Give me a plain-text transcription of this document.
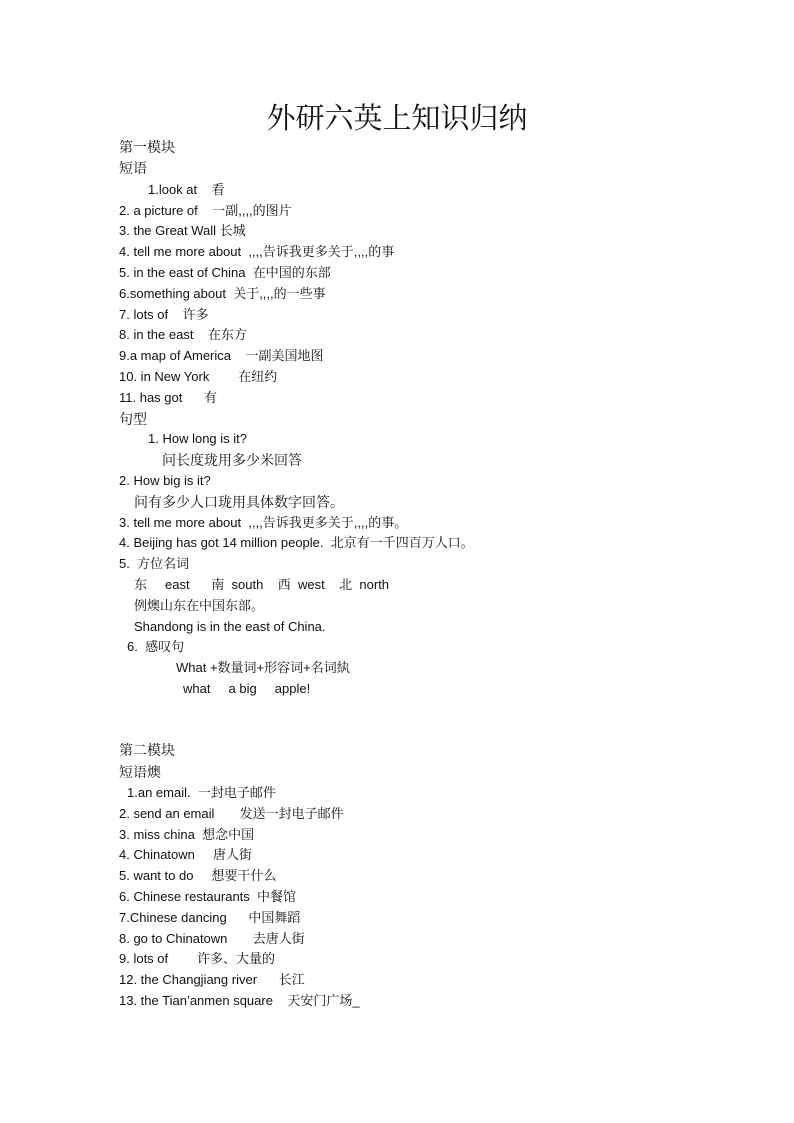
外研六英上知识归纳
第一模块
短语
1.look at    看
2. a picture of    一副,,,,的图片
3. the Great Wall 长城
4. tell me more about  ,,,,告诉我更多关于,,,,的事
5. in the east of China  在中国的东部
6.something about  关于,,,,的一些事
7. lots of    许多
8. in the east    在东方
9.a map of America    一副美国地图
10. in New York        在纽约
11. has got      有
句型
1. How long is it?
问长度珑用多少米回答
2. How big is it?
问有多少人口珑用具体数字回答。
3. tell me more about  ,,,,告诉我更多关于,,,,的事。
4. Beijing has got 14 million people.  北京有一千四百万人口。
5.  方位名词
东     east      南  south    西  west    北  north
例燠山东在中国东部。
Shandong is in the east of China.
6.  感叹句
What +数量词+形容词+名词紈
what     a big     apple!
第二模块
短语燠
1.an email.  一封电子邮件
2. send an email       发送一封电子邮件
3. miss china  想念中国
4. Chinatown     唐人街
5. want to do     想要干什么
6. Chinese restaurants  中餐馆
7.Chinese dancing      中国舞蹈
8. go to Chinatown       去唐人街
9. lots of        许多、大量的
12. the Changjiang river      长江
13. the Tian’anmen square    天安门广场_
